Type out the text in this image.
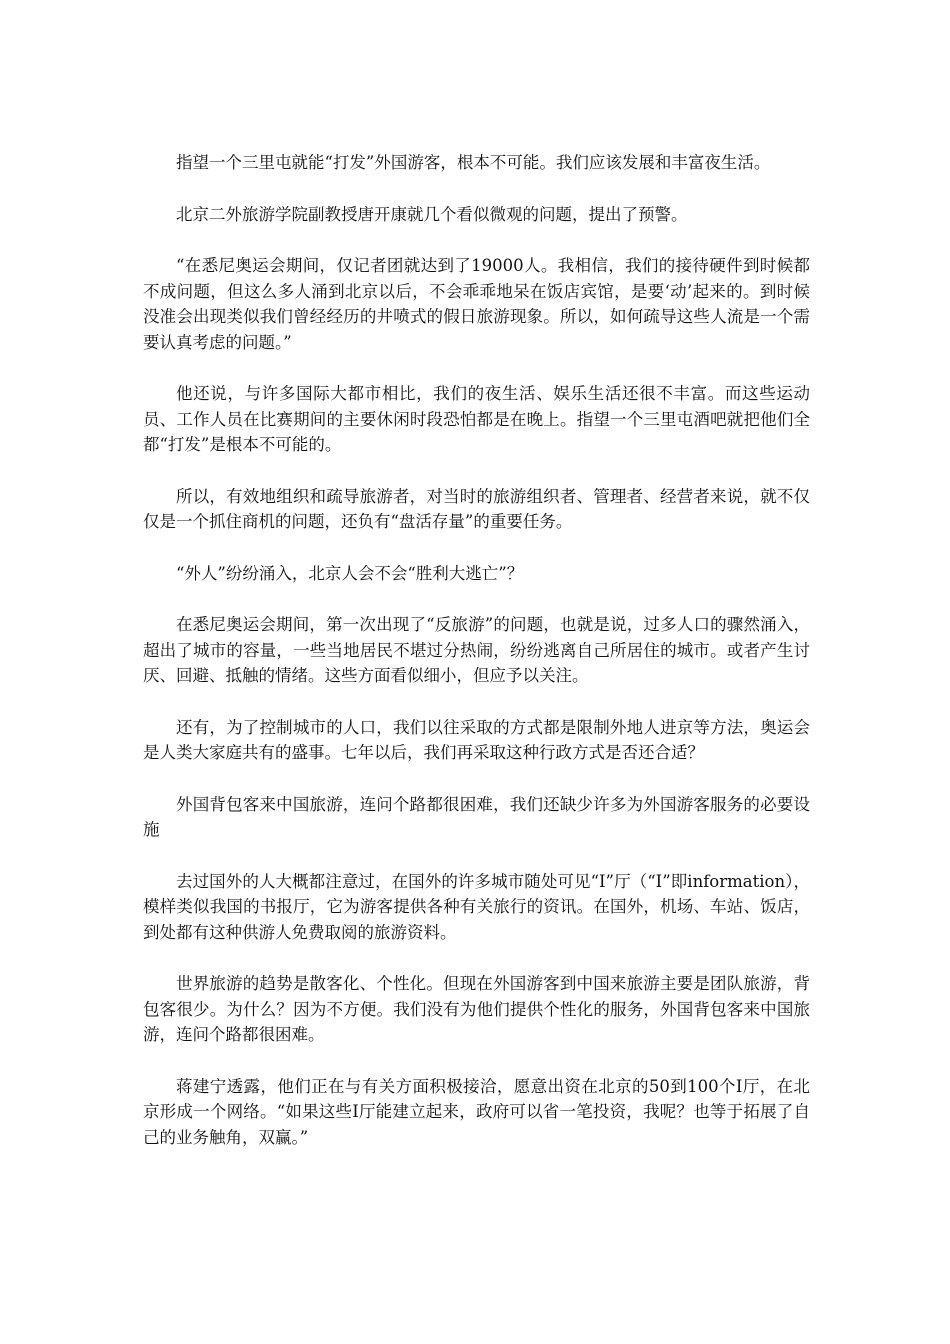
指望一个三里屯就能“打发”外国游客，根本不可能。我们应该发展和丰富夜生活。

北京二外旅游学院副教授唐开康就几个看似微观的问题，提出了预警。

“在悉尼奥运会期间，仅记者团就达到了19000人。我相信，我们的接待硬件到时候都不成问题，但这么多人涌到北京以后，不会乖乖地呆在饭店宾馆，是要‘动’起来的。到时候没准会出现类似我们曾经经历的井喷式的假日旅游现象。所以，如何疏导这些人流是一个需要认真考虑的问题。”

他还说，与许多国际大都市相比，我们的夜生活、娱乐生活还很不丰富。而这些运动员、工作人员在比赛期间的主要休闲时段恐怕都是在晚上。指望一个三里屯酒吧就把他们全都“打发”是根本不可能的。

所以，有效地组织和疏导旅游者，对当时的旅游组织者、管理者、经营者来说，就不仅仅是一个抓住商机的问题，还负有“盘活存量”的重要任务。

“外人”纷纷涌入，北京人会不会“胜利大逃亡”？

在悉尼奥运会期间，第一次出现了“反旅游”的问题，也就是说，过多人口的骤然涌入，超出了城市的容量，一些当地居民不堪过分热闹，纷纷逃离自己所居住的城市。或者产生讨厌、回避、抵触的情绪。这些方面看似细小，但应予以关注。

还有，为了控制城市的人口，我们以往采取的方式都是限制外地人进京等方法，奥运会是人类大家庭共有的盛事。七年以后，我们再采取这种行政方式是否还合适？

外国背包客来中国旅游，连问个路都很困难，我们还缺少许多为外国游客服务的必要设施

去过国外的人大概都注意过，在国外的许多城市随处可见“I”厅（“I”即information），模样类似我国的书报厅，它为游客提供各种有关旅行的资讯。在国外，机场、车站、饭店，到处都有这种供游人免费取阅的旅游资料。

世界旅游的趋势是散客化、个性化。但现在外国游客到中国来旅游主要是团队旅游，背包客很少。为什么？因为不方便。我们没有为他们提供个性化的服务，外国背包客来中国旅游，连问个路都很困难。

蒋建宁透露，他们正在与有关方面积极接洽，愿意出资在北京的50到100个I厅，在北京形成一个网络。“如果这些I厅能建立起来，政府可以省一笔投资，我呢？也等于拓展了自己的业务触角，双赢。”
